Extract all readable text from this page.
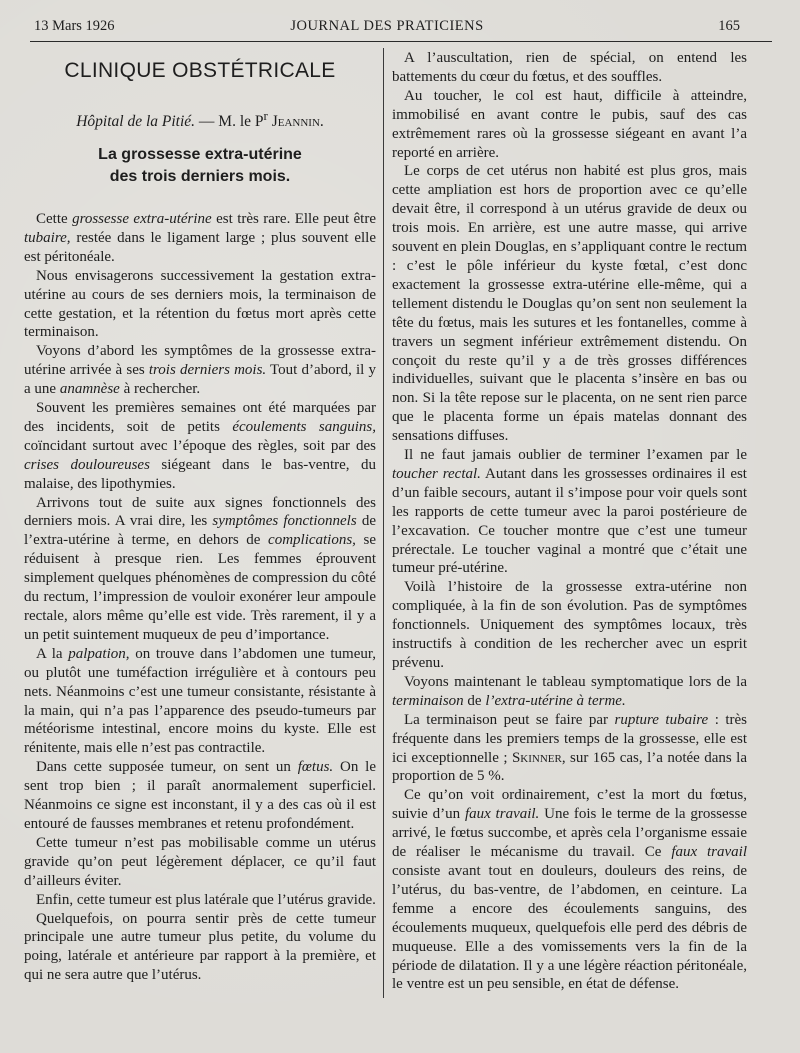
13 Mars 1926	JOURNAL DES PRATICIENS	165
CLINIQUE OBSTÉTRICALE
Hôpital de la Pitié. — M. le $P^r$ Jeannin.
La grossesse extra-utérine
des trois derniers mois.

Cette grossesse extra-utérine est très rare. Elle peut être tubaire, restée dans le ligament large ; plus souvent elle est péritonéale.

Nous envisagerons successivement la gestation extra-utérine au cours de ses derniers mois, la terminaison de cette gestation, et la rétention du fœtus mort après cette terminaison.

Voyons d’abord les symptômes de la grossesse extra-utérine arrivée à ses trois derniers mois. Tout d’abord, il y a une anamnèse à rechercher.

Souvent les premières semaines ont été marquées par des incidents, soit de petits écoulements sanguins, coïncidant surtout avec l’époque des règles, soit par des crises douloureuses siégeant dans le bas-ventre, du malaise, des lipothymies.

Arrivons tout de suite aux signes fonctionnels des derniers mois. A vrai dire, les symptômes fonctionnels de l’extra-utérine à terme, en dehors de complications, se réduisent à presque rien. Les femmes éprouvent simplement quelques phénomènes de compression du côté du rectum, l’impression de vouloir exonérer leur ampoule rectale, alors même qu’elle est vide. Très rarement, il y a un petit suintement muqueux de peu d’importance.

A la palpation, on trouve dans l’abdomen une tumeur, ou plutôt une tuméfaction irrégulière et à contours peu nets. Néanmoins c’est une tumeur consistante, résistante à la main, qui n’a pas l’apparence des pseudo-tumeurs par météorisme intestinal, encore moins du kyste. Elle est rénitente, mais elle n’est pas contractile.

Dans cette supposée tumeur, on sent un fœtus. On le sent trop bien ; il paraît anormalement superficiel. Néanmoins ce signe est inconstant, il y a des cas où il est entouré de fausses membranes et retenu profondément.

Cette tumeur n’est pas mobilisable comme un utérus gravide qu’on peut légèrement déplacer, ce qu’il faut d’ailleurs éviter.

Enfin, cette tumeur est plus latérale que l’utérus gravide.

Quelquefois, on pourra sentir près de cette tumeur principale une autre tumeur plus petite, du volume du poing, latérale et antérieure par rapport à la première, et qui ne sera autre que l’utérus.

A l’auscultation, rien de spécial, on entend les battements du cœur du fœtus, et des souffles.

Au toucher, le col est haut, difficile à atteindre, immobilisé en avant contre le pubis, sauf des cas extrêmement rares où la grossesse siégeant en avant l’a reporté en arrière.

Le corps de cet utérus non habité est plus gros, mais cette ampliation est hors de proportion avec ce qu’elle devait être, il correspond à un utérus gravide de deux ou trois mois. En arrière, est une autre masse, qui arrive souvent en plein Douglas, en s’appliquant contre le rectum : c’est le pôle inférieur du kyste fœtal, c’est donc exactement la grossesse extra-utérine elle-même, qui a tellement distendu le Douglas qu’on sent non seulement la tête du fœtus, mais les sutures et les fontanelles, comme à travers un segment inférieur extrêmement distendu. On conçoit du reste qu’il y a de très grosses différences individuelles, suivant que le placenta s’insère en bas ou non. Si la tête repose sur le placenta, on ne sent rien parce que le placenta forme un épais matelas donnant des sensations diffuses.

Il ne faut jamais oublier de terminer l’examen par le toucher rectal. Autant dans les grossesses ordinaires il est d’un faible secours, autant il s’impose pour voir quels sont les rapports de cette tumeur avec la paroi postérieure de l’excavation. Ce toucher montre que c’est une tumeur prérectale. Le toucher vaginal a montré que c’était une tumeur pré-utérine.

Voilà l’histoire de la grossesse extra-utérine non compliquée, à la fin de son évolution. Pas de symptômes fonctionnels. Uniquement des symptômes locaux, très instructifs à condition de les rechercher avec un esprit prévenu.

Voyons maintenant le tableau symptomatique lors de la terminaison de l’extra-utérine à terme.

La terminaison peut se faire par rupture tubaire : très fréquente dans les premiers temps de la grossesse, elle est ici exceptionnelle ; Skinner, sur 165 cas, l’a notée dans la proportion de 5 %.

Ce qu’on voit ordinairement, c’est la mort du fœtus, suivie d’un faux travail. Une fois le terme de la grossesse arrivé, le fœtus succombe, et après cela l’organisme essaie de réaliser le mécanisme du travail. Ce faux travail consiste avant tout en douleurs, douleurs des reins, de l’utérus, du bas-ventre, de l’abdomen, en ceinture. La femme a encore des écoulements sanguins, des écoulements muqueux, quelquefois elle perd des débris de muqueuse. Elle a des vomissements vers la fin de la période de dilatation. Il y a une légère réaction péritonéale, le ventre est un peu sensible, en état de défense.
